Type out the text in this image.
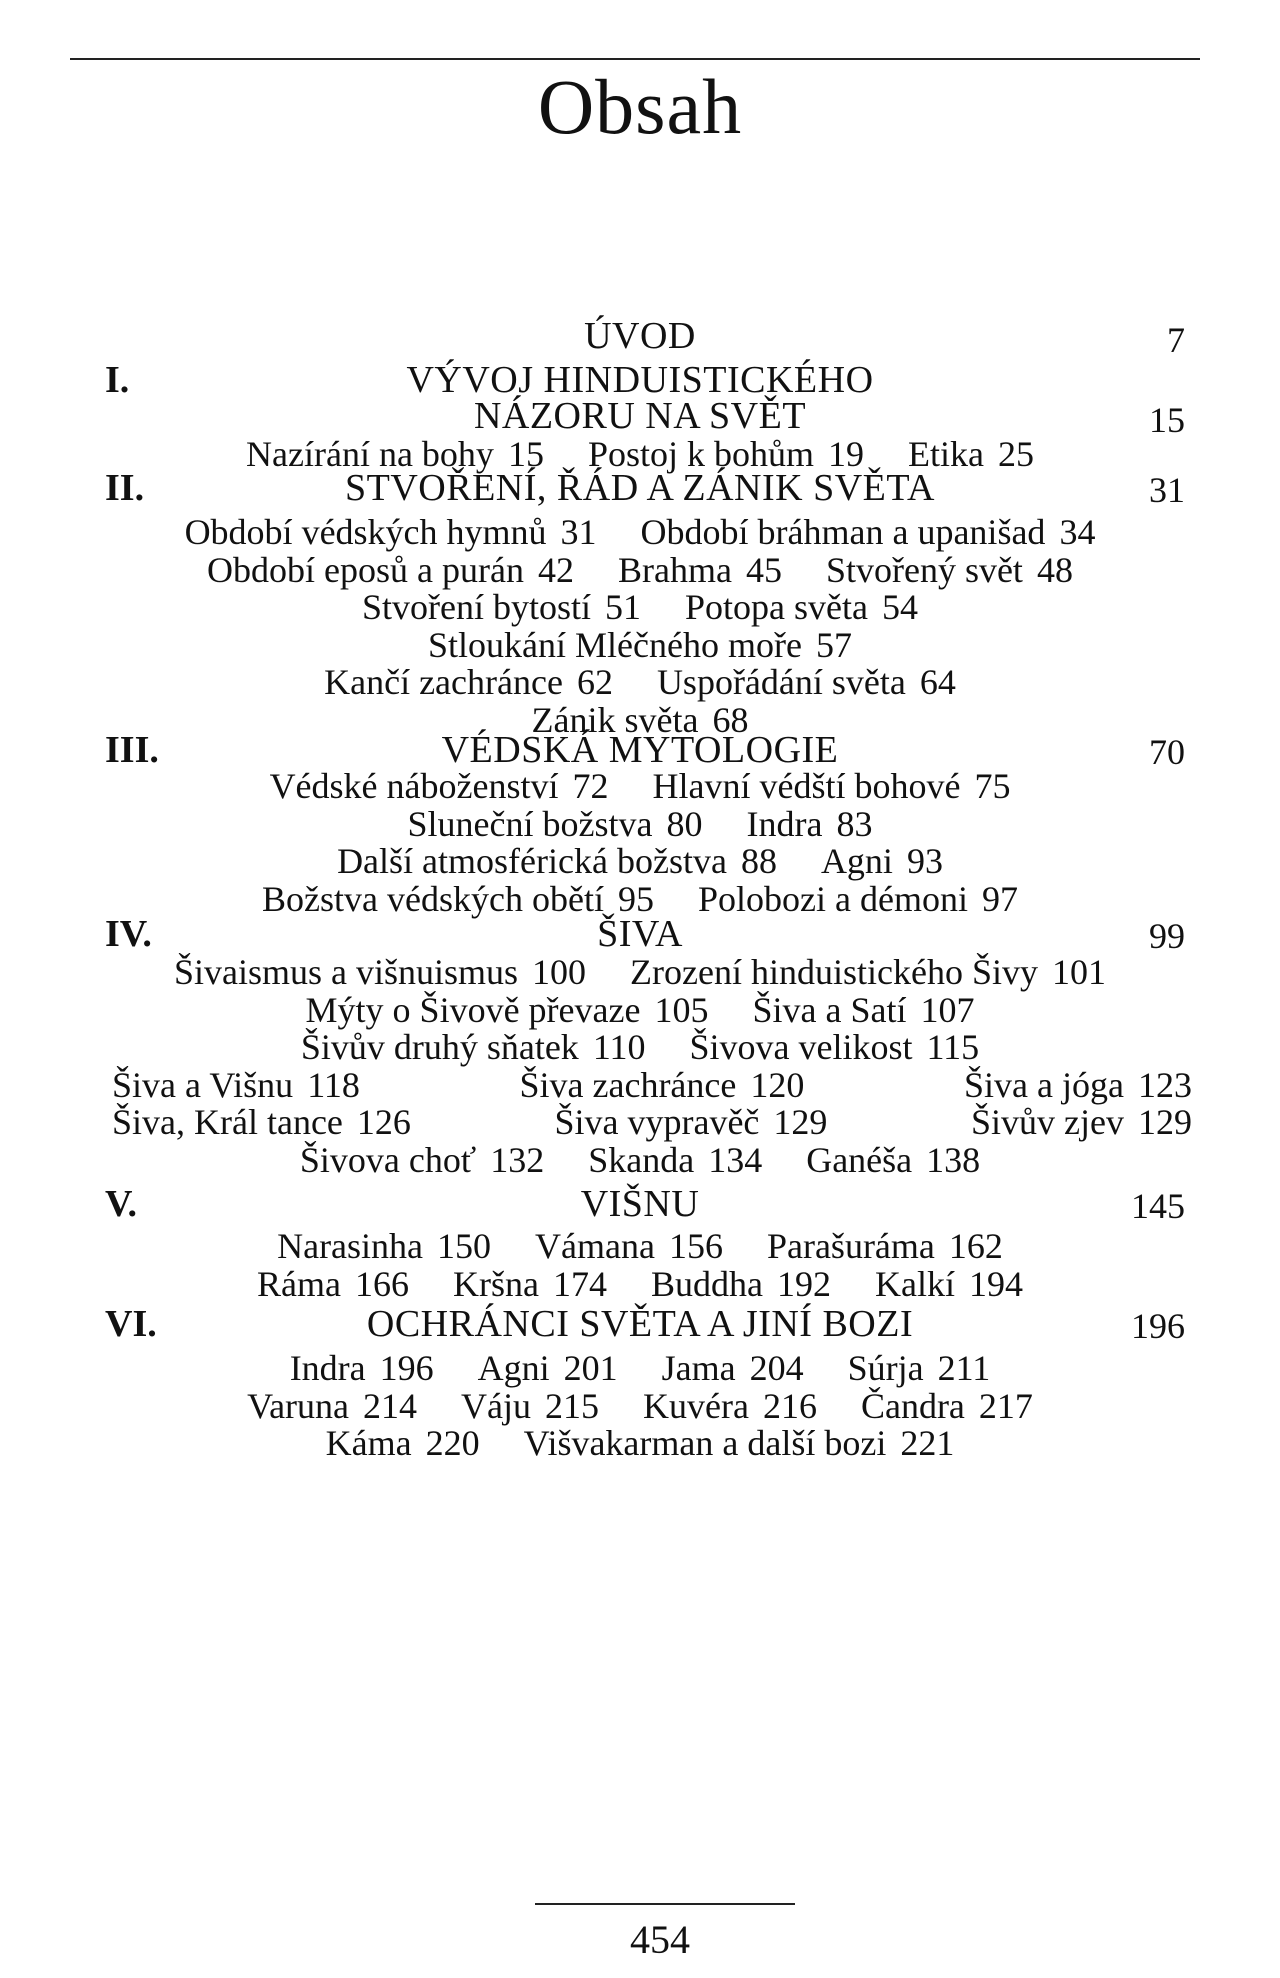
Obsah
ÚVOD	7
I.	VÝVOJ HINDUISTICKÉHO
NÁZORU NA SVĚT	15
Nazírání na bohy 15 Postoj k bohům 19 Etika 25
II.	STVOŘENÍ, ŘÁD A ZÁNIK SVĚTA	31
Období védských hymnů 31 Období bráhman a upanišad 34
Období eposů a purán 42 Brahma 45 Stvořený svět 48
Stvoření bytostí 51 Potopa světa 54
Stloukání Mléčného moře 57
Kančí zachránce 62 Uspořádání světa 64
Zánik světa 68
III.	VÉDSKÁ MYTOLOGIE	70
Védské náboženství 72 Hlavní védští bohové 75
Sluneční božstva 80 Indra 83
Další atmosférická božstva 88 Agni 93
Božstva védských obětí 95 Polobozi a démoni 97
IV.	ŠIVA	99
Šivaismus a višnuismus 100 Zrození hinduistického Šivy 101
Mýty o Šivově převaze 105 Šiva a Satí 107
Šivův druhý sňatek 110 Šivova velikost 115
Šiva a Višnu 118	Šiva zachránce 120	Šiva a jóga 123
Šiva, Král tance 126	Šiva vypravěč 129	Šivův zjev 129
Šivova choť 132 Skanda 134 Ganéša 138
V.	VIŠNU	145
Narasinha 150 Vámana 156 Parašuráma 162
Ráma 166 Kršna 174 Buddha 192 Kalkí 194
VI.	OCHRÁNCI SVĚTA A JINÍ BOZI	196
Indra 196 Agni 201 Jama 204 Súrja 211
Varuna 214 Váju 215 Kuvéra 216 Čandra 217
Káma 220 Višvakarman a další bozi 221
454
